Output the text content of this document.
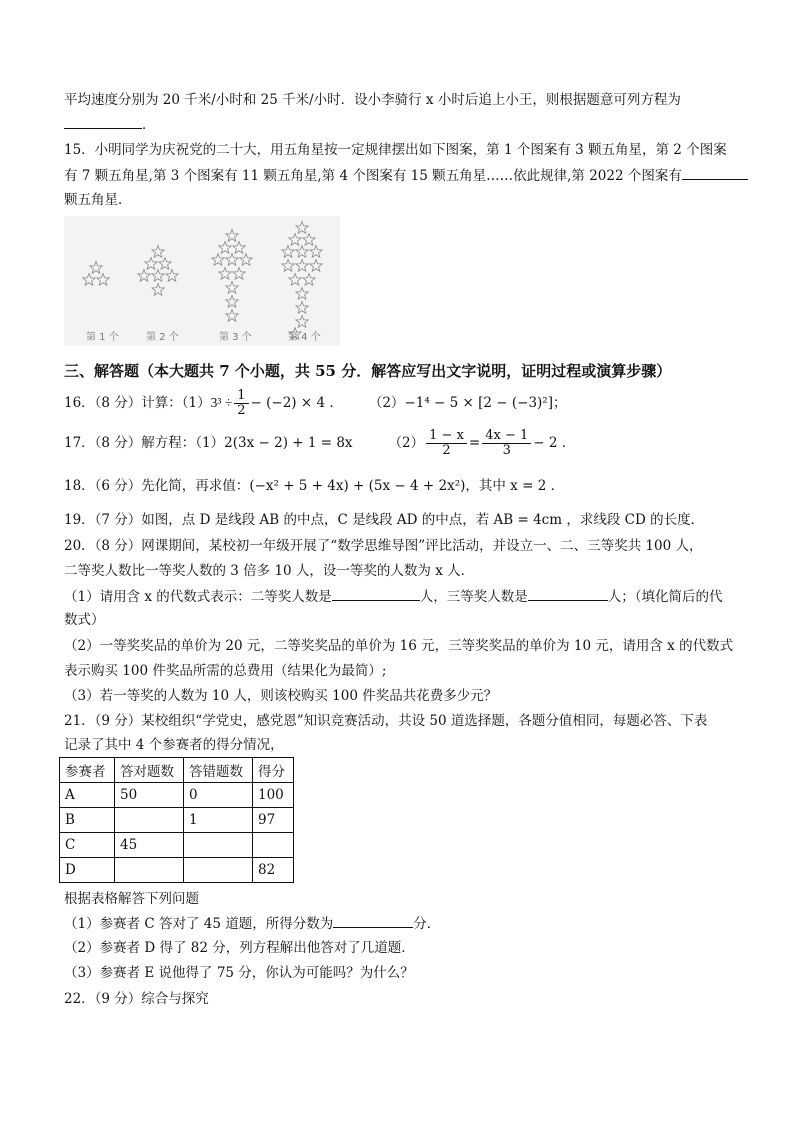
平均速度分别为 20 千米/小时和 25 千米/小时．设小李骑行 x 小时后追上小王，则根据题意可列方程为
．
15．小明同学为庆祝党的二十大，用五角星按一定规律摆出如下图案，第 1 个图案有 3 颗五角星，第 2 个图案
有 7 颗五角星,第 3 个图案有 11 颗五角星,第 4 个图案有 15 颗五角星……依此规律,第 2022 个图案有
颗五角星．
第 1 个	第 2 个	第 3 个	第 4 个
三、解答题（本大题共 7 个小题，共 55 分．解答应写出文字说明，证明过程或演算步骤）
16．（8 分）计算：（1） $3^3 \div \frac{1}{2} - (-2) \times 4$ ． （2） −1⁴ − 5 × [2 − (−3)²]；
17．（8 分）解方程：（1） 2(3x − 2) + 1 = 8x	$(2) \frac{1 - x}{2} = \frac{4x - 1}{3} - 2$ ．
18．（6 分）先化简，再求值：(−x² + 5 + 4x) + (5x − 4 + 2x²)，其中 x = 2 ．
19．（7 分）如图，点 D 是线段 AB 的中点，C 是线段 AD 的中点，若 AB = 4cm ，求线段 CD 的长度．
20．（8 分）网课期间，某校初一年级开展了“数学思维导图”评比活动，并设立一、二、三等奖共 100 人，
二等奖人数比一等奖人数的 3 倍多 10 人，设一等奖的人数为 x 人．
（1）请用含 x 的代数式表示：二等奖人数是	人，三等奖人数是	人；（填化简后的代
数式）
（2）一等奖奖品的单价为 20 元，二等奖奖品的单价为 16 元，三等奖奖品的单价为 10 元，请用含 x 的代数式
表示购买 100 件奖品所需的总费用（结果化为最简）;
（3）若一等奖的人数为 10 人，则该校购买 100 件奖品共花费多少元？
21．（9 分）某校组织“学党史，感党恩”知识竞赛活动，共设 50 道选择题，各题分值相同，每题必答、下表
记录了其中 4 个参赛者的得分情况，
参赛者	答对题数	答错题数	得分
A	50	0	100
B		1	97
C	45		
D			82
根据表格解答下列问题
（1）参赛者 C 答对了 45 道题，所得分数为	分．
（2）参赛者 D 得了 82 分，列方程解出他答对了几道题．
（3）参赛者 E 说他得了 75 分，你认为可能吗？为什么？
22．（9 分）综合与探究
